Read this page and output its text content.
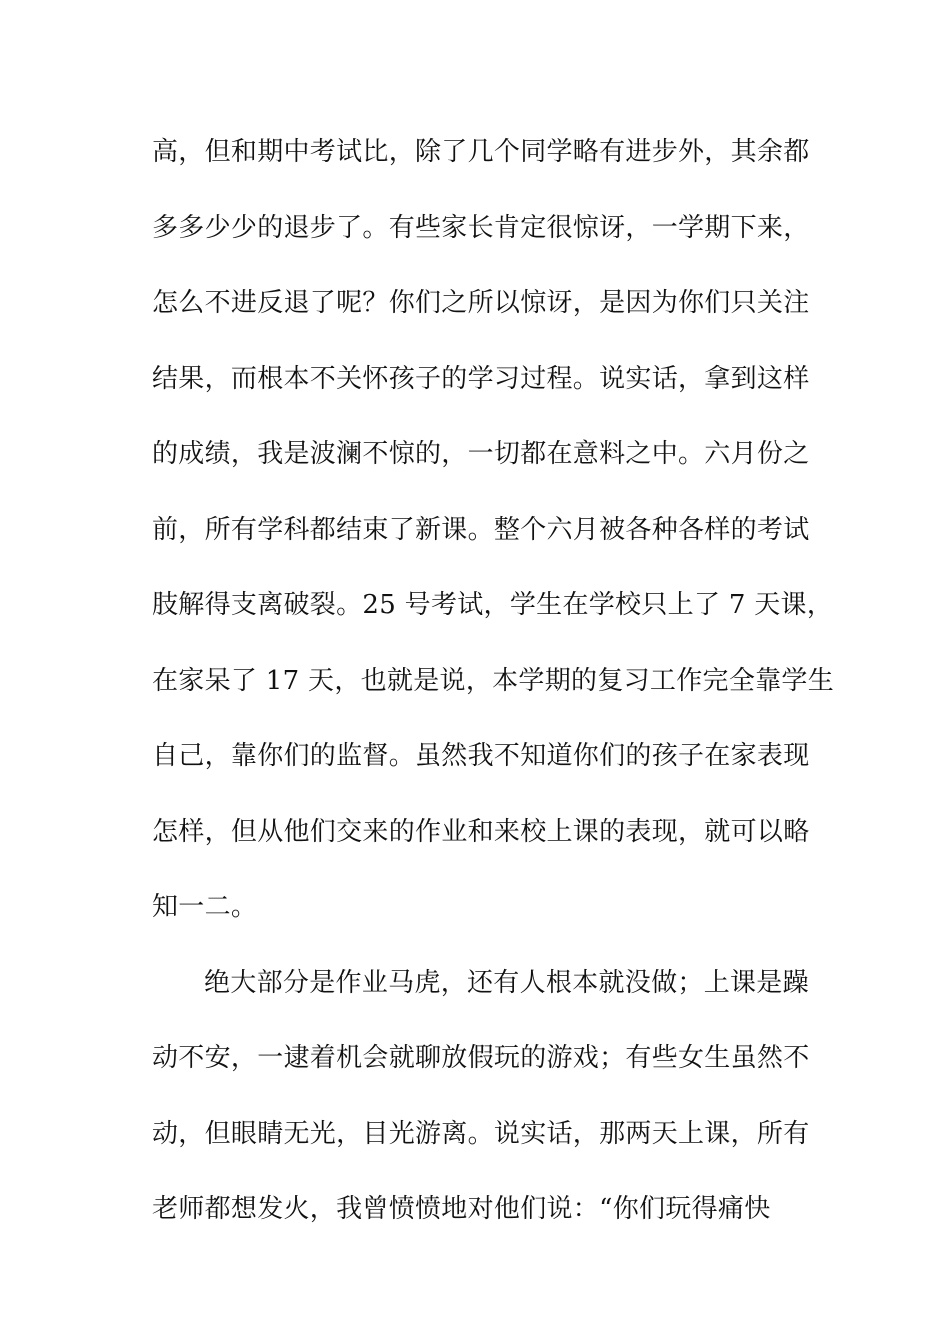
高，但和期中考试比，除了几个同学略有进步外，其余都
多多少少的退步了。有些家长肯定很惊讶，一学期下来，
怎么不进反退了呢？你们之所以惊讶，是因为你们只关注
结果，而根本不关怀孩子的学习过程。说实话，拿到这样
的成绩，我是波澜不惊的，一切都在意料之中。六月份之
前，所有学科都结束了新课。整个六月被各种各样的考试
肢解得支离破裂。25 号考试，学生在学校只上了 7 天课，
在家呆了 17 天，也就是说，本学期的复习工作完全靠学生
自己，靠你们的监督。虽然我不知道你们的孩子在家表现
怎样，但从他们交来的作业和来校上课的表现，就可以略
知一二。
绝大部分是作业马虎，还有人根本就没做；上课是躁
动不安，一逮着机会就聊放假玩的游戏；有些女生虽然不
动，但眼睛无光，目光游离。说实话，那两天上课，所有
老师都想发火，我曾愤愤地对他们说：“你们玩得痛快
